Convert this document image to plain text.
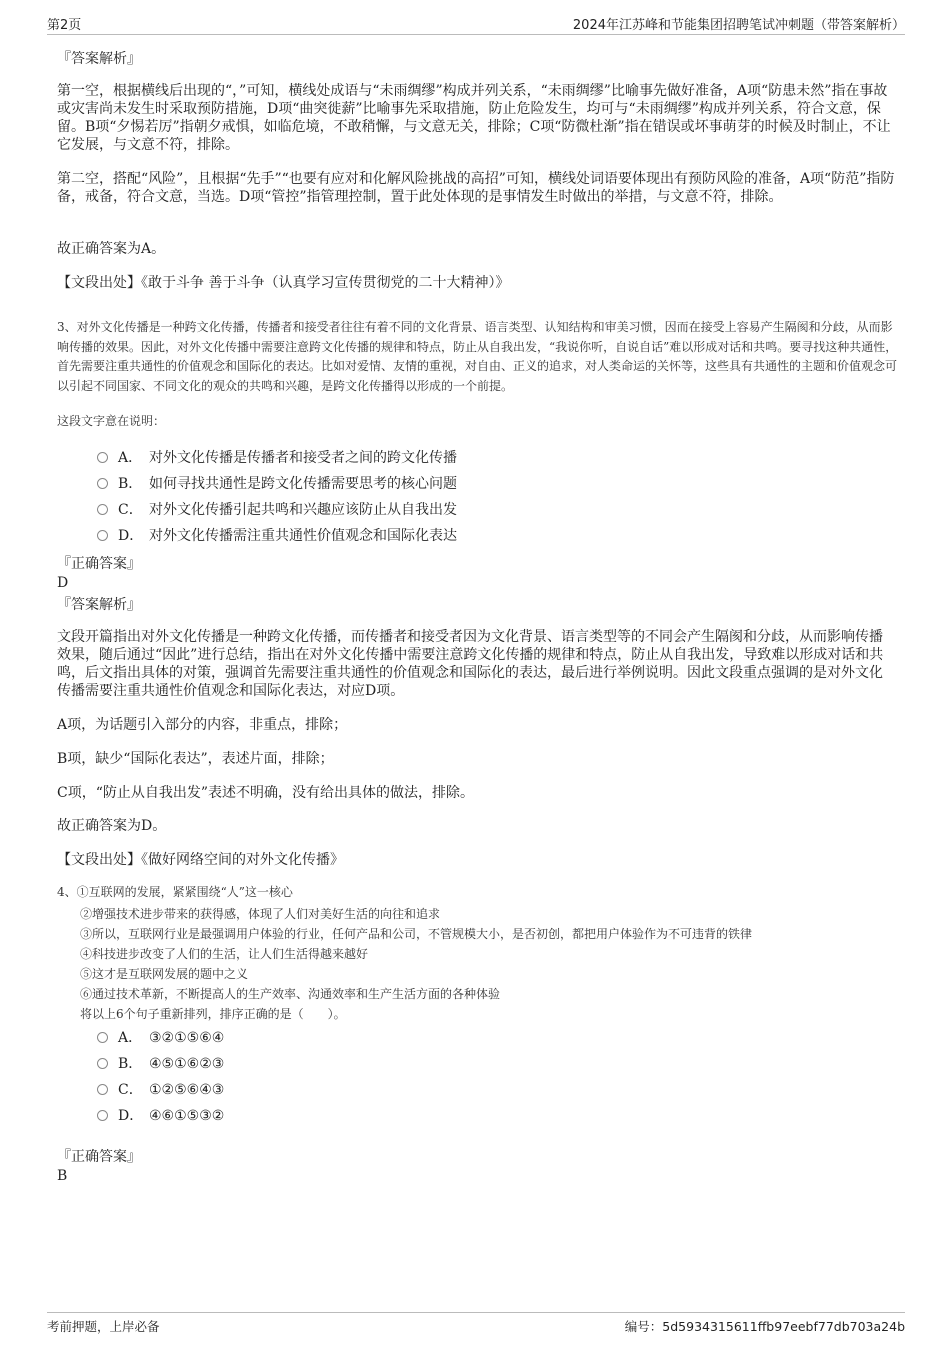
第2页	2024年江苏峰和节能集团招聘笔试冲刺题（带答案解析）
『答案解析』

第一空，根据横线后出现的“，”可知，横线处成语与“未雨绸缪”构成并列关系，“未雨绸缪”比喻事先做好准备，A项“防患未然”指在事故或灾害尚未发生时采取预防措施，D项“曲突徙薪”比喻事先采取措施，防止危险发生，均可与“未雨绸缪”构成并列关系，符合文意，保留。B项“夕惕若厉”指朝夕戒惧，如临危境，不敢稍懈，与文意无关，排除；C项“防微杜渐”指在错误或坏事萌芽的时候及时制止，不让它发展，与文意不符，排除。

第二空，搭配“风险”，且根据“先手”“也要有应对和化解风险挑战的高招”可知，横线处词语要体现出有预防风险的准备，A项“防范”指防备，戒备，符合文意，当选。D项“管控”指管理控制，置于此处体现的是事情发生时做出的举措，与文意不符，排除。

故正确答案为A。
【文段出处】《敢于斗争 善于斗争（认真学习宣传贯彻党的二十大精神）》

3、对外文化传播是一种跨文化传播，传播者和接受者往往有着不同的文化背景、语言类型、认知结构和审美习惯，因而在接受上容易产生隔阂和分歧，从而影响传播的效果。因此，对外文化传播中需要注意跨文化传播的规律和特点，防止从自我出发，“我说你听，自说自话”难以形成对话和共鸣。要寻找这种共通性，首先需要注重共通性的价值观念和国际化的表达。比如对爱情、友情的重视，对自由、正义的追求，对人类命运的关怀等，这些具有共通性的主题和价值观念可以引起不同国家、不同文化的观众的共鸣和兴趣，是跨文化传播得以形成的一个前提。

这段文字意在说明：
A． 对外文化传播是传播者和接受者之间的跨文化传播
B． 如何寻找共通性是跨文化传播需要思考的核心问题
C． 对外文化传播引起共鸣和兴趣应该防止从自我出发
D． 对外文化传播需注重共通性价值观念和国际化表达
『正确答案』
D
『答案解析』

文段开篇指出对外文化传播是一种跨文化传播，而传播者和接受者因为文化背景、语言类型等的不同会产生隔阂和分歧，从而影响传播效果，随后通过“因此”进行总结，指出在对外文化传播中需要注意跨文化传播的规律和特点，防止从自我出发，导致难以形成对话和共鸣，后文指出具体的对策，强调首先需要注重共通性的价值观念和国际化的表达，最后进行举例说明。因此文段重点强调的是对外文化传播需要注重共通性价值观念和国际化表达，对应D项。

A项，为话题引入部分的内容，非重点，排除；
B项，缺少“国际化表达”，表述片面，排除；
C项，“防止从自我出发”表述不明确，没有给出具体的做法，排除。
故正确答案为D。
【文段出处】《做好网络空间的对外文化传播》
4、①互联网的发展，紧紧围绕“人”这一核心
②增强技术进步带来的获得感，体现了人们对美好生活的向往和追求
③所以，互联网行业是最强调用户体验的行业，任何产品和公司，不管规模大小，是否初创，都把用户体验作为不可违背的铁律
④科技进步改变了人们的生活，让人们生活得越来越好
⑤这才是互联网发展的题中之义
⑥通过技术革新，不断提高人的生产效率、沟通效率和生产生活方面的各种体验
将以上6个句子重新排列，排序正确的是（　　）。
A． ③②①⑤⑥④
B． ④⑤①⑥②③
C． ①②⑤⑥④③
D． ④⑥①⑤③②
『正确答案』
B
考前押题，上岸必备	编号：5d5934315611ffb97eebf77db703a24b
